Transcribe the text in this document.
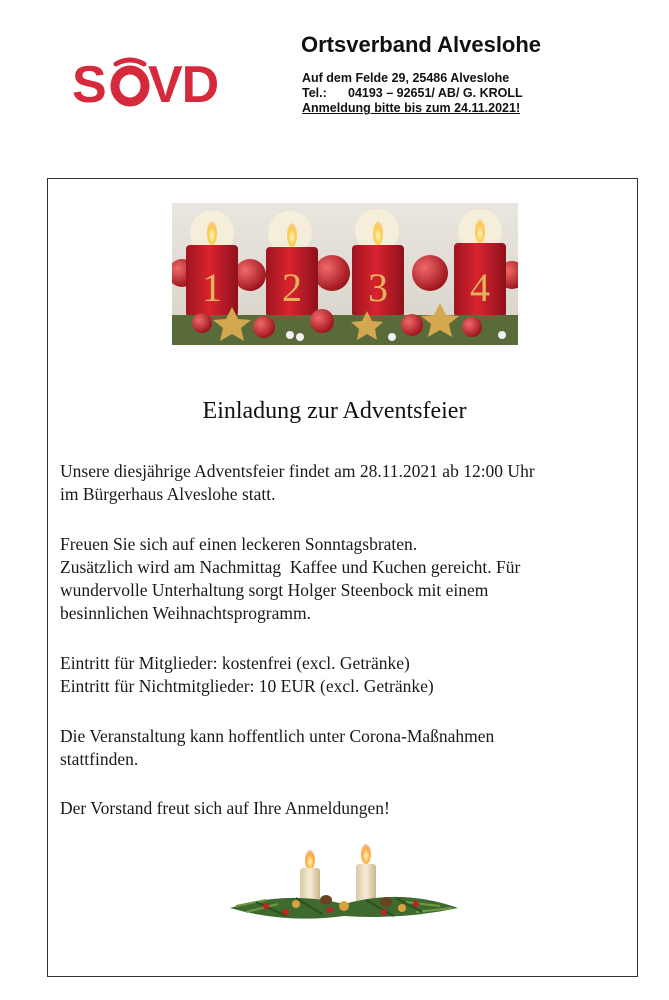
S VD
Ortsverband Alveslohe
Auf dem Felde 29, 25486 Alveslohe
Tel.: 04193 – 92651/ AB/ G. KROLL
Anmeldung bitte bis zum 24.11.2021!
1 2 3 4
Einladung zur Adventsfeier
Unsere diesjährige Adventsfeier findet am 28.11.2021 ab 12:00 Uhr
im Bürgerhaus Alveslohe statt.
Freuen Sie sich auf einen leckeren Sonntagsbraten.
Zusätzlich wird am Nachmittag  Kaffee und Kuchen gereicht. Für
wundervolle Unterhaltung sorgt Holger Steenbock mit einem
besinnlichen Weihnachtsprogramm.
Eintritt für Mitglieder: kostenfrei (excl. Getränke)
Eintritt für Nichtmitglieder: 10 EUR (excl. Getränke)
Die Veranstaltung kann hoffentlich unter Corona-Maßnahmen
stattfinden.
Der Vorstand freut sich auf Ihre Anmeldungen!
